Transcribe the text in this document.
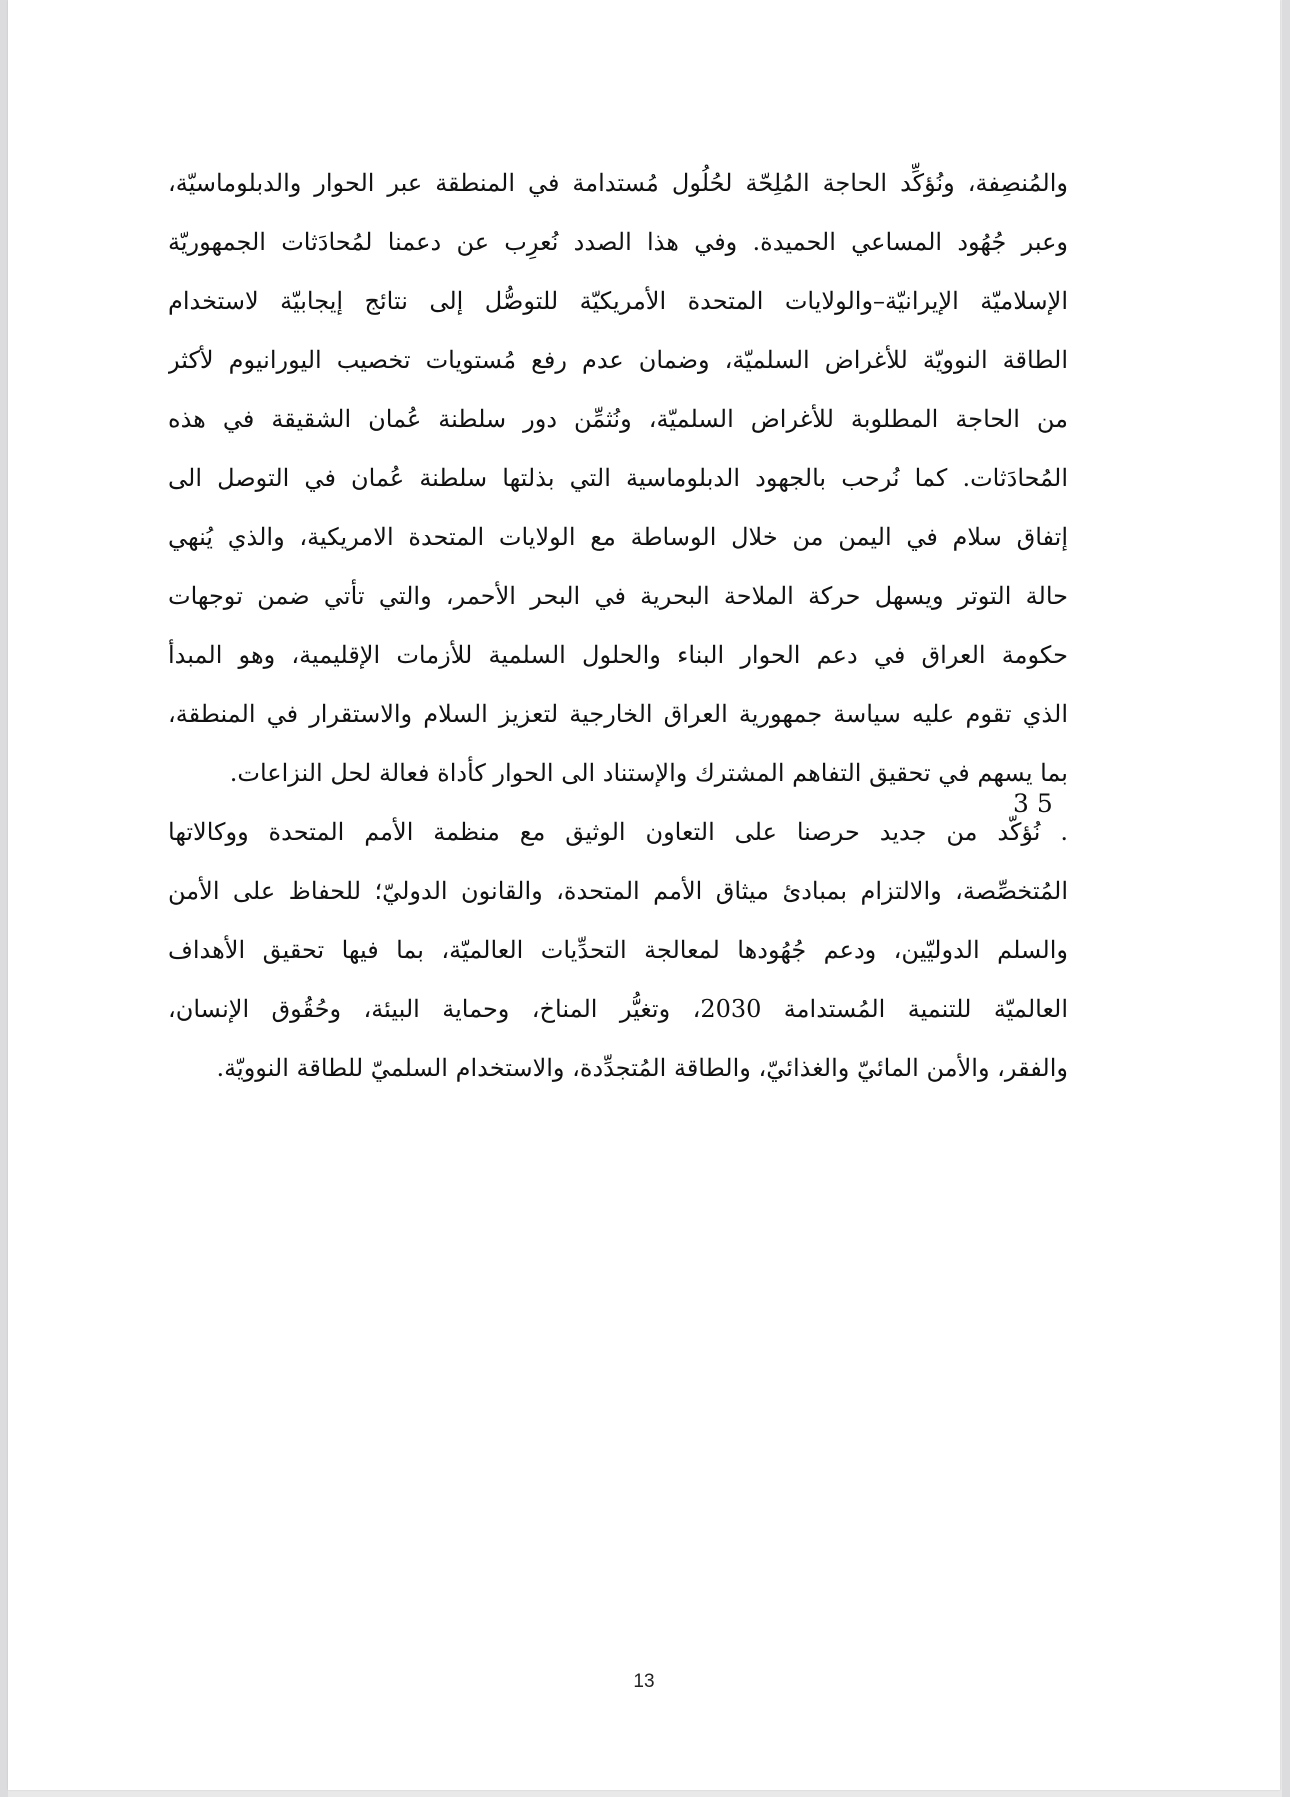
والمُنصِفة، ونُؤكِّد الحاجة المُلِحّة لحُلُول مُستدامة في المنطقة عبر الحوار والدبلوماسيّة،
وعبر جُهُود المساعي الحميدة. وفي هذا الصدد نُعرِب عن دعمنا لمُحادَثات الجمهوريّة
الإسلاميّة الإيرانيّة–والولايات المتحدة الأمريكيّة للتوصُّل إلى نتائج إيجابيّة لاستخدام
الطاقة النوويّة للأغراض السلميّة، وضمان عدم رفع مُستويات تخصيب اليورانيوم لأكثر
من الحاجة المطلوبة للأغراض السلميّة، ونُثمِّن دور سلطنة عُمان الشقيقة في هذه
المُحادَثات. كما نُرحب بالجهود الدبلوماسية التي بذلتها سلطنة عُمان في التوصل الى
إتفاق سلام في اليمن من خلال الوساطة مع الولايات المتحدة الامريكية، والذي يُنهي
حالة التوتر ويسهل حركة الملاحة البحرية في البحر الأحمر، والتي تأتي ضمن توجهات
حكومة العراق في دعم الحوار البناء والحلول السلمية للأزمات الإقليمية، وهو المبدأ
الذي تقوم عليه سياسة جمهورية العراق الخارجية لتعزيز السلام والاستقرار في المنطقة،
بما يسهم في تحقيق التفاهم المشترك والإستناد الى الحوار كأداة فعالة لحل النزاعات.
. نُؤكّد من جديد حرصنا على التعاون الوثيق مع منظمة الأمم المتحدة ووكالاتها
المُتخصِّصة، والالتزام بمبادئ ميثاق الأمم المتحدة، والقانون الدوليّ؛ للحفاظ على الأمن
والسلم الدوليّين، ودعم جُهُودها لمعالجة التحدِّيات العالميّة، بما فيها تحقيق الأهداف
العالميّة للتنمية المُستدامة 2030، وتغيُّر المناخ، وحماية البيئة، وحُقُوق الإنسان،
والفقر، والأمن المائيّ والغذائيّ، والطاقة المُتجدِّدة، والاستخدام السلميّ للطاقة النوويّة.
3 5
13
